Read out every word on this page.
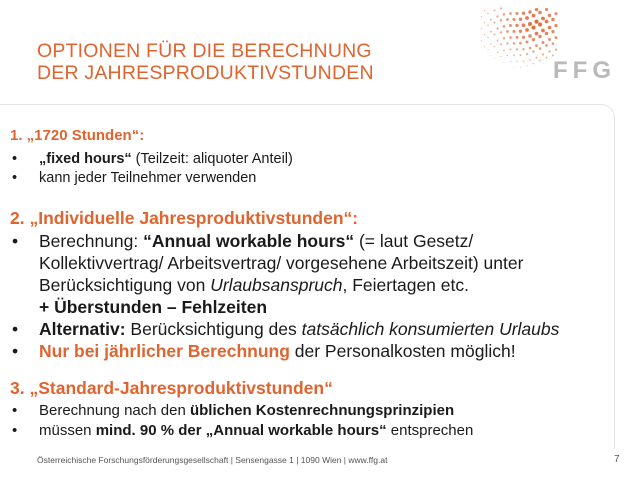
OPTIONEN FÜR DIE BERECHNUNG
DER JAHRESPRODUKTIVSTUNDEN	FFG
1. „1720 Stunden“:
• „fixed hours“ (Teilzeit: aliquoter Anteil)
• kann jeder Teilnehmer verwenden
2. „Individuelle Jahresproduktivstunden“:
• Berechnung: “Annual workable hours“ (= laut Gesetz/
Kollektivvertrag/ Arbeitsvertrag/ vorgesehene Arbeitszeit) unter
Berücksichtigung von Urlaubsanspruch, Feiertagen etc.
+ Überstunden – Fehlzeiten
• Alternativ: Berücksichtigung des tatsächlich konsumierten Urlaubs
• Nur bei jährlicher Berechnung der Personalkosten möglich!
3. „Standard-Jahresproduktivstunden“
• Berechnung nach den üblichen Kostenrechnungsprinzipien
• müssen mind. 90 % der „Annual workable hours“ entsprechen
Österreichische Forschungsförderungsgesellschaft | Sensengasse 1 | 1090 Wien | www.ffg.at	7
